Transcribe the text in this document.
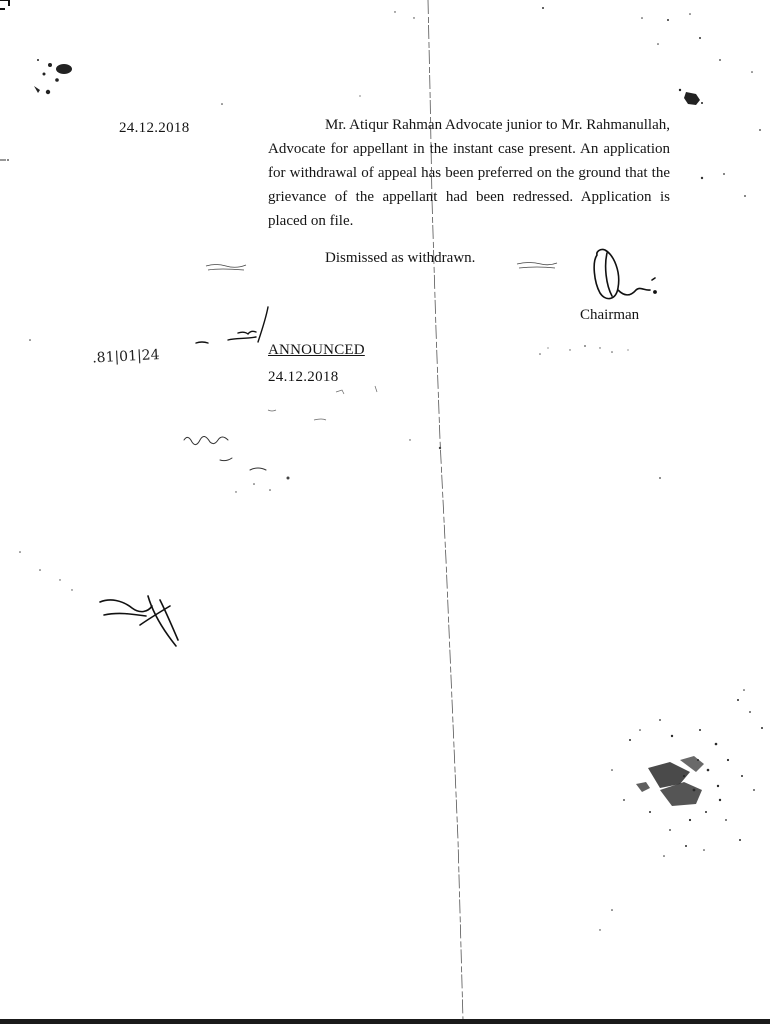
.81|01|24
24.12.2018	Mr. Atiqur Rahman Advocate junior to Mr. Rahmanullah, Advocate for appellant in the instant case present. An application for withdrawal of appeal has been preferred on the ground that the grievance of the appellant had been redressed. Application is placed on file.

Dismissed as withdrawn.
Chairman
ANNOUNCED
24.12.2018
